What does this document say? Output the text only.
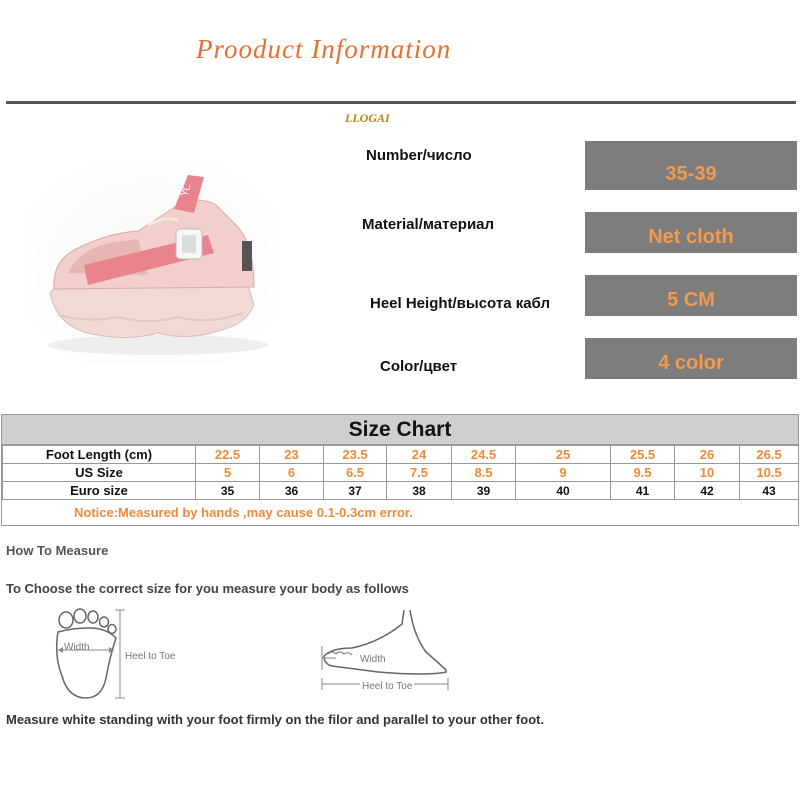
Prooduct Information
LLOGAI
YC
Number/число
35-39
Material/материал
Net cloth
Heel Height/высота кабл	5 CM
Color/цвет	4 color
Size Chart
Foot Length (cm)	22.5	23	23.5	24	24.5	25	25.5	26	26.5
US Size	5	6	6.5	7.5	8.5	9	9.5	10	10.5
Euro size	35	36	37	38	39	40	41	42	43
Notice:Measured by hands ,may cause 0.1-0.3cm error.
How To Measure
To Choose the correct size for you measure your body as follows
Width
Heel to Toe	Width
Heel to Toe
Measure white standing with your foot firmly on the filor and parallel to your other foot.
